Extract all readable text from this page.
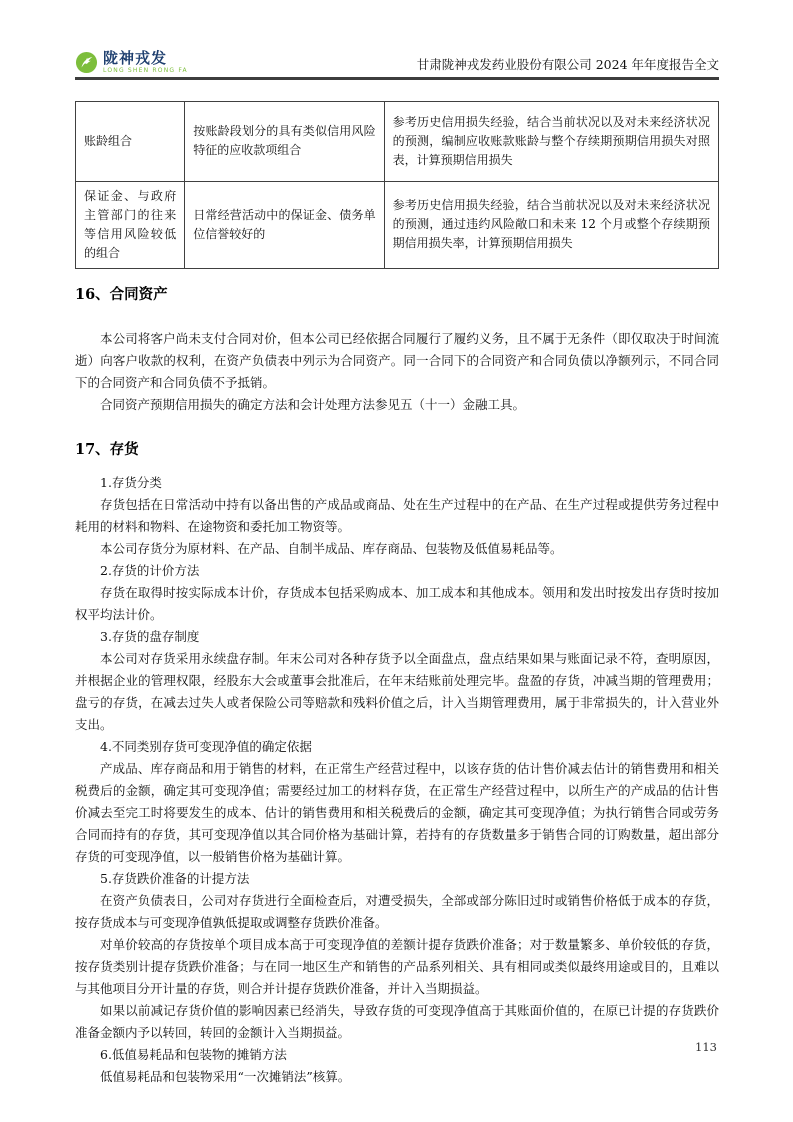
陇神戎发
LONG SHEN RONG FA	甘肃陇神戎发药业股份有限公司 2024 年年度报告全文
账龄组合	按账龄段划分的具有类似信用风险特征的应收款项组合	参考历史信用损失经验，结合当前状况以及对未来经济状况的预测，编制应收账款账龄与整个存续期预期信用损失对照表，计算预期信用损失
保证金、与政府主管部门的往来等信用风险较低的组合	日常经营活动中的保证金、债务单位信誉较好的	参考历史信用损失经验，结合当前状况以及对未来经济状况的预测，通过违约风险敞口和未来 12 个月或整个存续期预期信用损失率，计算预期信用损失
16、合同资产

本公司将客户尚未支付合同对价，但本公司已经依据合同履行了履约义务，且不属于无条件（即仅取决于时间流逝）向客户收款的权利，在资产负债表中列示为合同资产。同一合同下的合同资产和合同负债以净额列示，不同合同下的合同资产和合同负债不予抵销。

合同资产预期信用损失的确定方法和会计处理方法参见五（十一）金融工具。

17、存货

1.存货分类

存货包括在日常活动中持有以备出售的产成品或商品、处在生产过程中的在产品、在生产过程或提供劳务过程中耗用的材料和物料、在途物资和委托加工物资等。

本公司存货分为原材料、在产品、自制半成品、库存商品、包装物及低值易耗品等。

2.存货的计价方法

存货在取得时按实际成本计价，存货成本包括采购成本、加工成本和其他成本。领用和发出时按发出存货时按加权平均法计价。

3.存货的盘存制度

本公司对存货采用永续盘存制。年末公司对各种存货予以全面盘点，盘点结果如果与账面记录不符，查明原因，并根据企业的管理权限，经股东大会或董事会批准后，在年末结账前处理完毕。盘盈的存货，冲减当期的管理费用；盘亏的存货，在减去过失人或者保险公司等赔款和残料价值之后，计入当期管理费用，属于非常损失的，计入营业外支出。

4.不同类别存货可变现净值的确定依据

产成品、库存商品和用于销售的材料，在正常生产经营过程中，以该存货的估计售价减去估计的销售费用和相关税费后的金额，确定其可变现净值；需要经过加工的材料存货，在正常生产经营过程中，以所生产的产成品的估计售价减去至完工时将要发生的成本、估计的销售费用和相关税费后的金额，确定其可变现净值；为执行销售合同或劳务合同而持有的存货，其可变现净值以其合同价格为基础计算，若持有的存货数量多于销售合同的订购数量，超出部分存货的可变现净值，以一般销售价格为基础计算。

5.存货跌价准备的计提方法

在资产负债表日，公司对存货进行全面检查后，对遭受损失，全部或部分陈旧过时或销售价格低于成本的存货，按存货成本与可变现净值孰低提取或调整存货跌价准备。

对单价较高的存货按单个项目成本高于可变现净值的差额计提存货跌价准备；对于数量繁多、单价较低的存货，按存货类别计提存货跌价准备；与在同一地区生产和销售的产品系列相关、具有相同或类似最终用途或目的，且难以与其他项目分开计量的存货，则合并计提存货跌价准备，并计入当期损益。

如果以前减记存货价值的影响因素已经消失，导致存货的可变现净值高于其账面价值的，在原已计提的存货跌价准备金额内予以转回，转回的金额计入当期损益。

6.低值易耗品和包装物的摊销方法

低值易耗品和包装物采用“一次摊销法”核算。

113
